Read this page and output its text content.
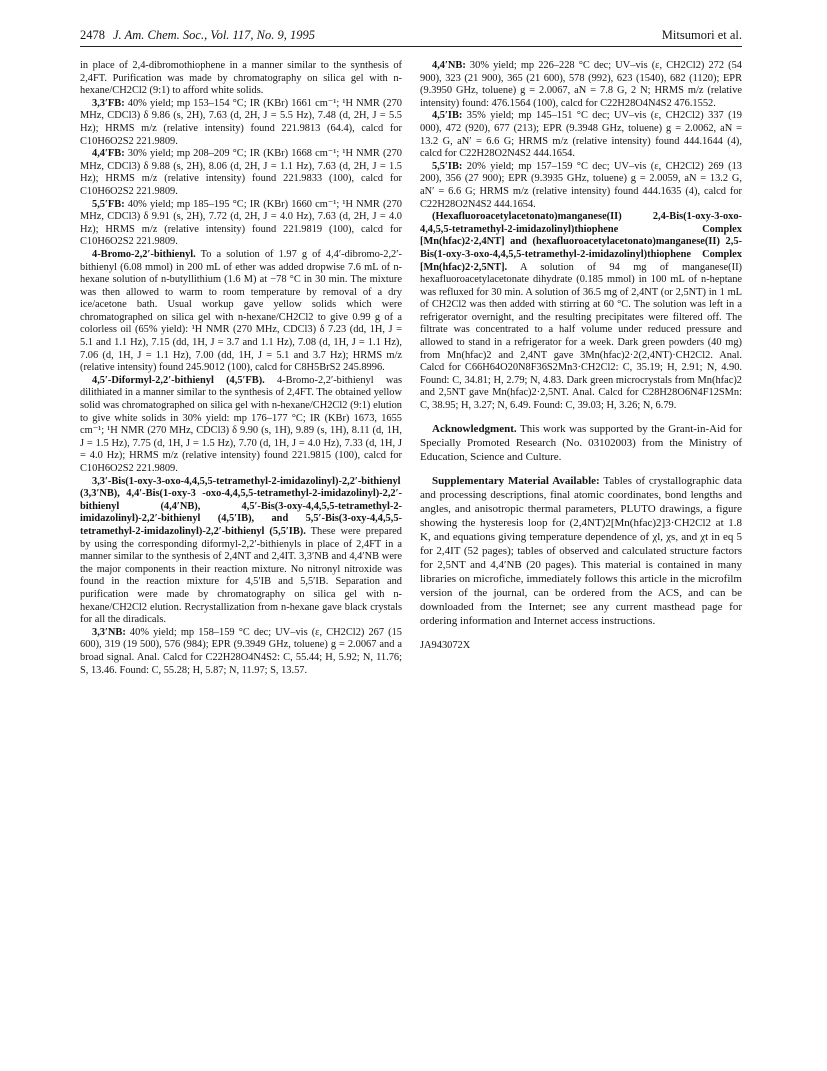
2478 J. Am. Chem. Soc., Vol. 117, No. 9, 1995	Mitsumori et al.

in place of 2,4-dibromothiophene in a manner similar to the synthesis of 2,4FT. Purification was made by chromatography on silica gel with n-hexane/CH2Cl2 (9:1) to afford white solids.

3,3′FB: 40% yield; mp 153–154 °C; IR (KBr) 1661 cm⁻¹; ¹H NMR (270 MHz, CDCl3) δ 9.86 (s, 2H), 7.63 (d, 2H, J = 5.5 Hz), 7.48 (d, 2H, J = 5.5 Hz); HRMS m/z (relative intensity) found 221.9813 (64.4), calcd for C10H6O2S2 221.9809.

4,4′FB: 30% yield; mp 208–209 °C; IR (KBr) 1668 cm⁻¹; ¹H NMR (270 MHz, CDCl3) δ 9.88 (s, 2H), 8.06 (d, 2H, J = 1.1 Hz), 7.63 (d, 2H, J = 1.5 Hz); HRMS m/z (relative intensity) found 221.9833 (100), calcd for C10H6O2S2 221.9809.

5,5′FB: 40% yield; mp 185–195 °C; IR (KBr) 1660 cm⁻¹; ¹H NMR (270 MHz, CDCl3) δ 9.91 (s, 2H), 7.72 (d, 2H, J = 4.0 Hz), 7.63 (d, 2H, J = 4.0 Hz); HRMS m/z (relative intensity) found 221.9819 (100), calcd for C10H6O2S2 221.9809.

4-Bromo-2,2′-bithienyl. To a solution of 1.97 g of 4,4′-dibromo-2,2′-bithienyl (6.08 mmol) in 200 mL of ether was added dropwise 7.6 mL of n-hexane solution of n-butyllithium (1.6 M) at −78 °C in 30 min. The mixture was then allowed to warm to room temperature by removal of a dry ice/acetone bath. Usual workup gave yellow solids which were chromatographed on silica gel with n-hexane/CH2Cl2 to give 0.99 g of a colorless oil (65% yield): ¹H NMR (270 MHz, CDCl3) δ 7.23 (dd, 1H, J = 5.1 and 1.1 Hz), 7.15 (dd, 1H, J = 3.7 and 1.1 Hz), 7.08 (d, 1H, J = 1.1 Hz), 7.06 (d, 1H, J = 1.1 Hz), 7.00 (dd, 1H, J = 5.1 and 3.7 Hz); HRMS m/z (relative intensity) found 245.9012 (100), calcd for C8H5BrS2 245.8996.

4,5′-Diformyl-2,2′-bithienyl (4,5′FB). 4-Bromo-2,2′-bithienyl was dilithiated in a manner similar to the synthesis of 2,4FT. The obtained yellow solid was chromatographed on silica gel with n-hexane/CH2Cl2 (9:1) elution to give white solids in 30% yield: mp 176–177 °C; IR (KBr) 1673, 1655 cm⁻¹; ¹H NMR (270 MHz, CDCl3) δ 9.90 (s, 1H), 9.89 (s, 1H), 8.11 (d, 1H, J = 1.5 Hz), 7.75 (d, 1H, J = 1.5 Hz), 7.70 (d, 1H, J = 4.0 Hz), 7.33 (d, 1H, J = 4.0 Hz); HRMS m/z (relative intensity) found 221.9815 (100), calcd for C10H6O2S2 221.9809.

3,3′-Bis(1-oxy-3-oxo-4,4,5,5-tetramethyl-2-imidazolinyl)-2,2′-bithienyl (3,3′NB), 4,4′-Bis(1-oxy-3 -oxo-4,4,5,5-tetramethyl-2-imidazolinyl)-2,2′-bithienyl (4,4′NB), 4,5′-Bis(3-oxy-4,4,5,5-tetramethyl-2-imidazolinyl)-2,2′-bithienyl (4,5′IB), and 5,5′-Bis(3-oxy-4,4,5,5-tetramethyl-2-imidazolinyl)-2,2′-bithienyl (5,5′IB). These were prepared by using the corresponding diformyl-2,2′-bithienyls in place of 2,4FT in a manner similar to the synthesis of 2,4NT and 2,4IT. 3,3′NB and 4,4′NB were the major components in their reaction mixture. No nitronyl nitroxide was found in the reaction mixture for 4,5′IB and 5,5′IB. Separation and purification were made by chromatography on silica gel with n-hexane/CH2Cl2 elution. Recrystallization from n-hexane gave black crystals for all the diradicals.

3,3′NB: 40% yield; mp 158–159 °C dec; UV–vis (ε, CH2Cl2) 267 (15 600), 319 (19 500), 576 (984); EPR (9.3949 GHz, toluene) g = 2.0067 and a broad signal. Anal. Calcd for C22H28O4N4S2: C, 55.44; H, 5.92; N, 11.76; S, 13.46. Found: C, 55.28; H, 5.87; N, 11.97; S, 13.57.

4,4′NB: 30% yield; mp 226–228 °C dec; UV–vis (ε, CH2Cl2) 272 (54 900), 323 (21 900), 365 (21 600), 578 (992), 623 (1540), 682 (1120); EPR (9.3950 GHz, toluene) g = 2.0067, aN = 7.8 G, 2 N; HRMS m/z (relative intensity) found: 476.1564 (100), calcd for C22H28O4N4S2 476.1552.

4,5′IB: 35% yield; mp 145–151 °C dec; UV–vis (ε, CH2Cl2) 337 (19 000), 472 (920), 677 (213); EPR (9.3948 GHz, toluene) g = 2.0062, aN = 13.2 G, aN′ = 6.6 G; HRMS m/z (relative intensity) found 444.1644 (4), calcd for C22H28O2N4S2 444.1654.

5,5′IB: 20% yield; mp 157–159 °C dec; UV–vis (ε, CH2Cl2) 269 (13 200), 356 (27 900); EPR (9.3935 GHz, toluene) g = 2.0059, aN = 13.2 G, aN′ = 6.6 G; HRMS m/z (relative intensity) found 444.1635 (4), calcd for C22H28O2N4S2 444.1654.

(Hexafluoroacetylacetonato)manganese(II) 2,4-Bis(1-oxy-3-oxo-4,4,5,5-tetramethyl-2-imidazolinyl)thiophene Complex [Mn(hfac)2·2,4NT] and (hexafluoroacetylacetonato)manganese(II) 2,5-Bis(1-oxy-3-oxo-4,4,5,5-tetramethyl-2-imidazolinyl)thiophene Complex [Mn(hfac)2·2,5NT]. A solution of 94 mg of manganese(II) hexafluoroacetylacetonate dihydrate (0.185 mmol) in 100 mL of n-heptane was refluxed for 30 min. A solution of 36.5 mg of 2,4NT (or 2,5NT) in 1 mL of CH2Cl2 was then added with stirring at 60 °C. The solution was left in a refrigerator overnight, and the resulting precipitates were filtered off. The filtrate was concentrated to a half volume under reduced pressure and allowed to stand in a refrigerator for a week. Dark green powders (40 mg) from Mn(hfac)2 and 2,4NT gave 3Mn(hfac)2·2(2,4NT)·CH2Cl2. Anal. Calcd for C66H64O20N8F36S2Mn3·CH2Cl2: C, 35.19; H, 2.91; N, 4.90. Found: C, 34.81; H, 2.79; N, 4.83. Dark green microcrystals from Mn(hfac)2 and 2,5NT gave Mn(hfac)2·2,5NT. Anal. Calcd for C28H28O6N4F12SMn: C, 38.95; H, 3.27; N, 6.49. Found: C, 39.03; H, 3.26; N, 6.79.

Acknowledgment. This work was supported by the Grant-in-Aid for Specially Promoted Research (No. 03102003) from the Ministry of Education, Science and Culture.

Supplementary Material Available: Tables of crystallographic data and processing descriptions, final atomic coordinates, bond lengths and angles, and anisotropic thermal parameters, PLUTO drawings, a figure showing the hysteresis loop for (2,4NT)2[Mn(hfac)2]3·CH2Cl2 at 1.8 K, and equations giving temperature dependence of χl, χs, and χt in eq 5 for 2,4IT (52 pages); tables of observed and calculated structure factors for 2,5NT and 4,4′NB (20 pages). This material is contained in many libraries on microfiche, immediately follows this article in the microfilm version of the journal, can be ordered from the ACS, and can be downloaded from the Internet; see any current masthead page for ordering information and Internet access instructions.

JA943072X
